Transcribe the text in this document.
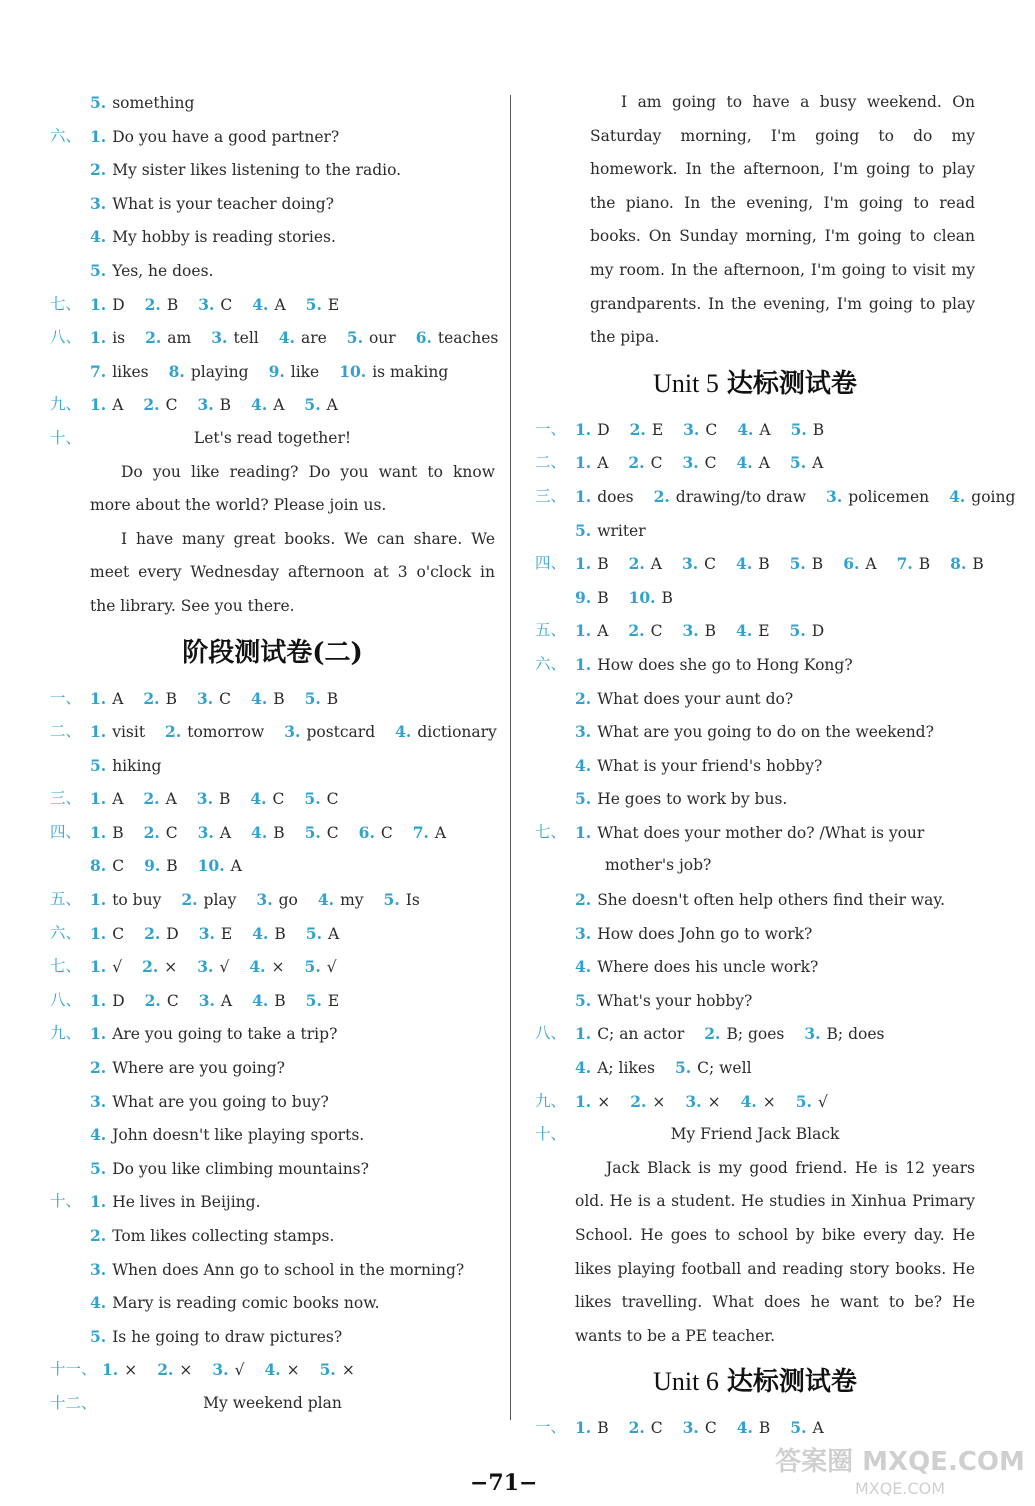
5. something
六、 1. Do you have a good partner?
2. My sister likes listening to the radio.
3. What is your teacher doing?
4. My hobby is reading stories.
5. Yes, he does.
七、 1. D 2. B 3. C 4. A 5. E
八、 1. is 2. am 3. tell 4. are 5. our 6. teaches
7. likes 8. playing 9. like 10. is making
九、 1. A 2. C 3. B 4. A 5. A
十、	Let's read together!

Do you like reading? Do you want to know more about the world? Please join us.

I have many great books. We can share. We meet every Wednesday afternoon at 3 o'clock in the library. See you there.

阶段测试卷(二)
一、 1. A 2. B 3. C 4. B 5. B
二、 1. visit 2. tomorrow 3. postcard 4. dictionary
5. hiking
三、 1. A 2. A 3. B 4. C 5. C
四、 1. B 2. C 3. A 4. B 5. C 6. C 7. A
8. C 9. B 10. A
五、 1. to buy 2. play 3. go 4. my 5. Is
六、 1. C 2. D 3. E 4. B 5. A
七、 1. √ 2. × 3. √ 4. × 5. √
八、 1. D 2. C 3. A 4. B 5. E
九、 1. Are you going to take a trip?
2. Where are you going?
3. What are you going to buy?
4. John doesn't like playing sports.
5. Do you like climbing mountains?
十、 1. He lives in Beijing.
2. Tom likes collecting stamps.
3. When does Ann go to school in the morning?
4. Mary is reading comic books now.
5. Is he going to draw pictures?
十一、 1. × 2. × 3. √ 4. × 5. ×
十二、	My weekend plan

I am going to have a busy weekend. On Saturday morning, I'm going to do my homework. In the afternoon, I'm going to play the piano. In the evening, I'm going to read books. On Sunday morning, I'm going to clean my room. In the afternoon, I'm going to visit my grandparents. In the evening, I'm going to play the pipa.

Unit 5 达标测试卷
一、 1. D 2. E 3. C 4. A 5. B
二、 1. A 2. C 3. C 4. A 5. A
三、 1. does 2. drawing/to draw 3. policemen 4. going
5. writer
四、 1. B 2. A 3. C 4. B 5. B 6. A 7. B 8. B
9. B 10. B
五、 1. A 2. C 3. B 4. E 5. D
六、 1. How does she go to Hong Kong?
2. What does your aunt do?
3. What are you going to do on the weekend?
4. What is your friend's hobby?
5. He goes to work by bus.
七、 1. What does your mother do? /What is your
mother's job?
2. She doesn't often help others find their way.
3. How does John go to work?
4. Where does his uncle work?
5. What's your hobby?
八、 1. C; an actor 2. B; goes 3. B; does
4. A; likes 5. C; well
九、 1. × 2. × 3. × 4. × 5. √
十、	My Friend Jack Black

Jack Black is my good friend. He is 12 years old. He is a student. He studies in Xinhua Primary School. He goes to school by bike every day. He likes playing football and reading story books. He likes travelling. What does he want to be? He wants to be a PE teacher.

Unit 6 达标测试卷
一、 1. B 2. C 3. C 4. B 5. A
−71−
答案圈 MXQE.COM
MXQE.COM
